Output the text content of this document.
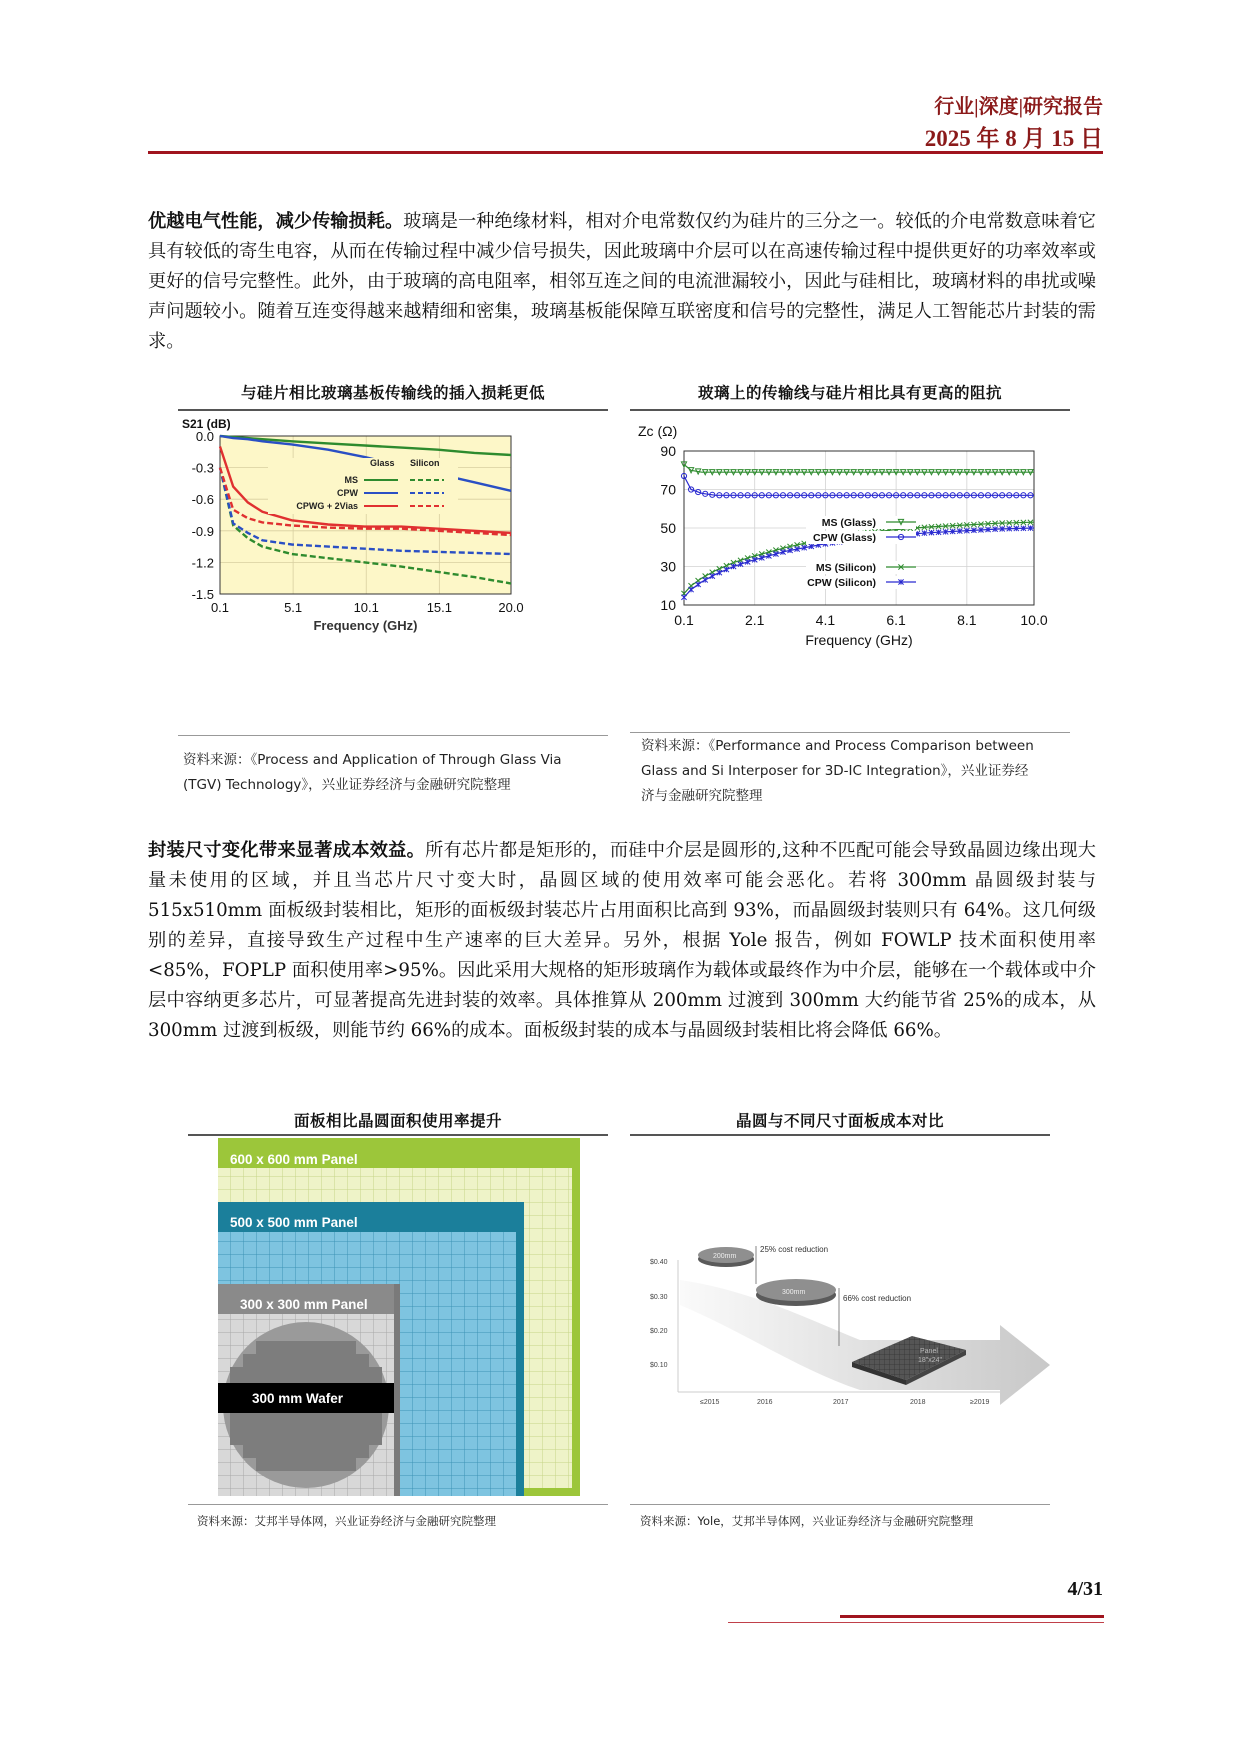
行业|深度|研究报告
2025 年 8 月 15 日
优越电气性能，减少传输损耗。玻璃是一种绝缘材料，相对介电常数仅约为硅片的三分之一。较低的介电常数意味着它具有较低的寄生电容，从而在传输过程中减少信号损失，因此玻璃中介层可以在高速传输过程中提供更好的功率效率或更好的信号完整性。此外，由于玻璃的高电阻率，相邻互连之间的电流泄漏较小，因此与硅相比，玻璃材料的串扰或噪声问题较小。随着互连变得越来越精细和密集，玻璃基板能保障互联密度和信号的完整性，满足人工智能芯片封装的需求。
与硅片相比玻璃基板传输线的插入损耗更低
0.0
-0.3
-0.6
-0.9
-1.2
-1.5
0.1	5.1	10.1	15.1	20.0
S21 (dB)
Frequency (GHz)
Glass Silicon
MS
CPW
CPWG + 2Vias
资料来源：《Process and Application of Through Glass Via
(TGV) Technology》，兴业证券经济与金融研究院整理
玻璃上的传输线与硅片相比具有更高的阻抗
90
70
50
30
10
0.1	2.1	4.1	6.1	8.1	10.0
Zc (Ω)
Frequency (GHz)
MS (Glass)
CPW (Glass)
MS (Silicon)
CPW (Silicon)
资料来源：《Performance and Process Comparison between
Glass and Si Interposer for 3D-IC Integration》，兴业证券经
济与金融研究院整理
封装尺寸变化带来显著成本效益。所有芯片都是矩形的，而硅中介层是圆形的,这种不匹配可能会导致晶圆边缘出现大量未使用的区域，并且当芯片尺寸变大时，晶圆区域的使用效率可能会恶化。若将 300mm 晶圆级封装与 515x510mm 面板级封装相比，矩形的面板级封装芯片占用面积比高到 93%，而晶圆级封装则只有 64%。这几何级别的差异，直接导致生产过程中生产速率的巨大差异。另外，根据 Yole 报告，例如 FOWLP 技术面积使用率<85%，FOPLP 面积使用率>95%。因此采用大规格的矩形玻璃作为载体或最终作为中介层，能够在一个载体或中介层中容纳更多芯片，可显著提高先进封装的效率。具体推算从 200mm 过渡到 300mm 大约能节省 25%的成本，从 300mm 过渡到板级，则能节约 66%的成本。面板级封装的成本与晶圆级封装相比将会降低 66%。
面板相比晶圆面积使用率提升
600 x 600 mm Panel
500 x 500 mm Panel
300 x 300 mm Panel
300 mm Wafer
资料来源：艾邦半导体网，兴业证券经济与金融研究院整理
晶圆与不同尺寸面板成本对比
$0.40
$0.30
$0.20
$0.10
≤2015	2016	2017	2018	≥2019
200mm
25% cost reduction
300mm
66% cost reduction
Panel
18"x24"
资料来源：Yole，艾邦半导体网，兴业证券经济与金融研究院整理
4/31
